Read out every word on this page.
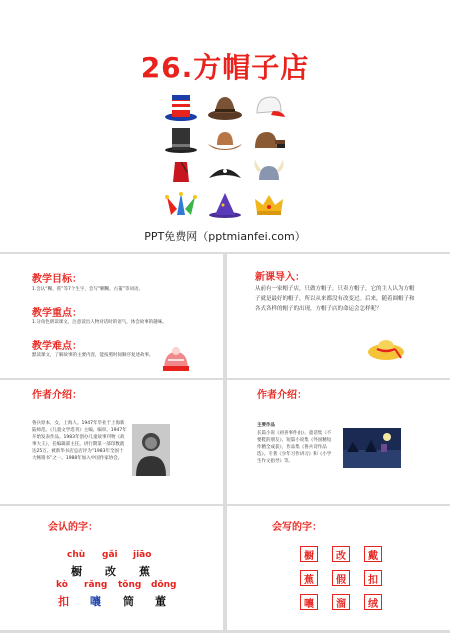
26.方帽子店
PPT免费网（pptmianfei.com）
教学目标：
1.会认“糊、蕉”等7个生字，会写“糊糊、古董”等词语。
教学重点：
1.分角色朗读课文，注意读出人物对话时的语气，体会故事的趣味。
教学难点：
默读课文，了解故事的主要内容，能按照时间顺序复述故事。
新课导入：
从前有一家帽子店，只做方帽子，只卖方帽子，它的主人认为方帽子就是最好的帽子，所以从来都没有改变过。后来，随着圆帽子和各式各样的帽子的出现，方帽子店的命运会怎样呢？
作者介绍：
鲁兵原本，女，上海人。1947年毕业于上海新陆师范。《儿童文学选刊》主编、编审。1947年开始发表作品。1983年创办儿童故事刊物《故事大王》，任编辑部主任。讲行期第一部印数就达25万。被新华书店总店评为“1983年全国十大畅销书”之一。1988年加入中国作家协会。
作者介绍：
主要作品
长篇小说《初喜事件由》、童话集《不要鞋的朋友》、短篇小说集《外国精短作精全成获》，作品集《鲁兵诗作品选》。专著《少年习作讲习》和《小学生作文指导》等。
会认的字：
chù gǎi jiāo
橱 改 蕉
kò rǎng tǒng dǒng
扣 嚷 筒 董
会写的字：
橱	改	戴
蕉	假	扣
嚷	溜	绒
